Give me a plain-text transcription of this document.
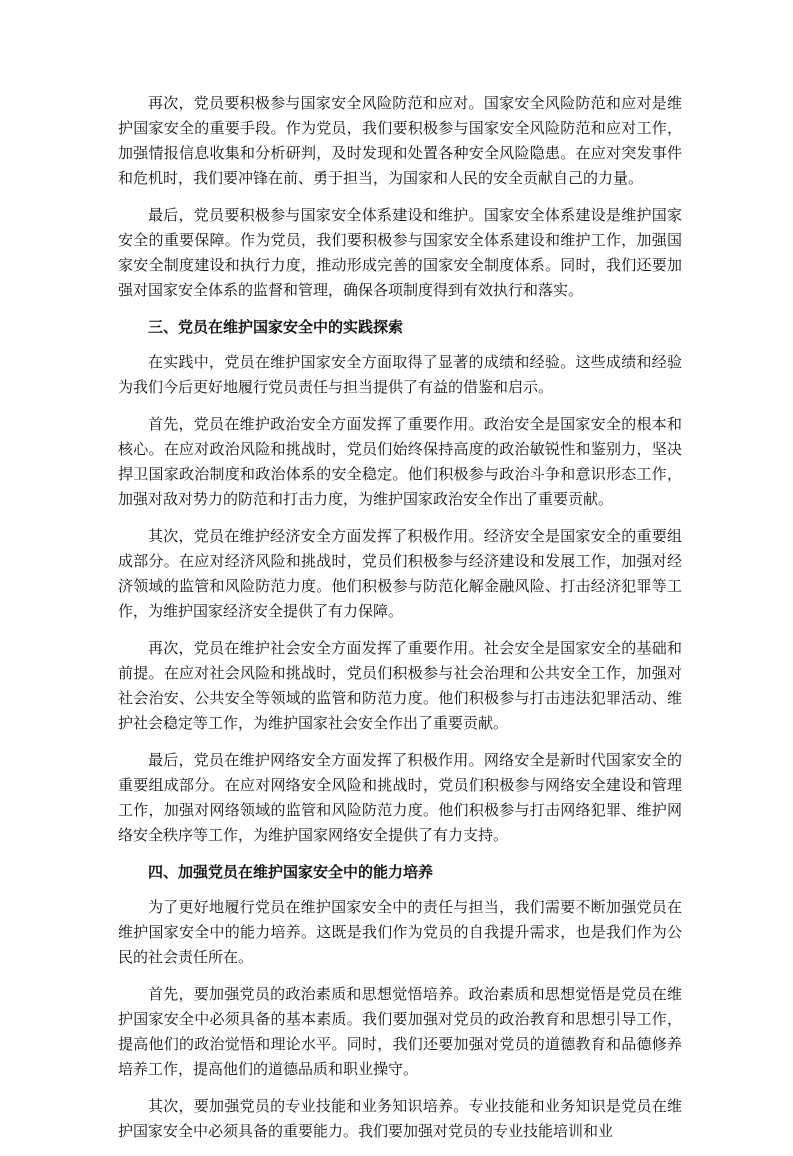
再次，党员要积极参与国家安全风险防范和应对。国家安全风险防范和应对是维护国家安全的重要手段。作为党员，我们要积极参与国家安全风险防范和应对工作，加强情报信息收集和分析研判，及时发现和处置各种安全风险隐患。在应对突发事件和危机时，我们要冲锋在前、勇于担当，为国家和人民的安全贡献自己的力量。

最后，党员要积极参与国家安全体系建设和维护。国家安全体系建设是维护国家安全的重要保障。作为党员，我们要积极参与国家安全体系建设和维护工作，加强国家安全制度建设和执行力度，推动形成完善的国家安全制度体系。同时，我们还要加强对国家安全体系的监督和管理，确保各项制度得到有效执行和落实。

三、党员在维护国家安全中的实践探索

在实践中，党员在维护国家安全方面取得了显著的成绩和经验。这些成绩和经验为我们今后更好地履行党员责任与担当提供了有益的借鉴和启示。

首先，党员在维护政治安全方面发挥了重要作用。政治安全是国家安全的根本和核心。在应对政治风险和挑战时，党员们始终保持高度的政治敏锐性和鉴别力，坚决捍卫国家政治制度和政治体系的安全稳定。他们积极参与政治斗争和意识形态工作，加强对敌对势力的防范和打击力度，为维护国家政治安全作出了重要贡献。

其次，党员在维护经济安全方面发挥了积极作用。经济安全是国家安全的重要组成部分。在应对经济风险和挑战时，党员们积极参与经济建设和发展工作，加强对经济领域的监管和风险防范力度。他们积极参与防范化解金融风险、打击经济犯罪等工作，为维护国家经济安全提供了有力保障。

再次，党员在维护社会安全方面发挥了重要作用。社会安全是国家安全的基础和前提。在应对社会风险和挑战时，党员们积极参与社会治理和公共安全工作，加强对社会治安、公共安全等领域的监管和防范力度。他们积极参与打击违法犯罪活动、维护社会稳定等工作，为维护国家社会安全作出了重要贡献。

最后，党员在维护网络安全方面发挥了积极作用。网络安全是新时代国家安全的重要组成部分。在应对网络安全风险和挑战时，党员们积极参与网络安全建设和管理工作，加强对网络领域的监管和风险防范力度。他们积极参与打击网络犯罪、维护网络安全秩序等工作，为维护国家网络安全提供了有力支持。

四、加强党员在维护国家安全中的能力培养

为了更好地履行党员在维护国家安全中的责任与担当，我们需要不断加强党员在维护国家安全中的能力培养。这既是我们作为党员的自我提升需求，也是我们作为公民的社会责任所在。

首先，要加强党员的政治素质和思想觉悟培养。政治素质和思想觉悟是党员在维护国家安全中必须具备的基本素质。我们要加强对党员的政治教育和思想引导工作，提高他们的政治觉悟和理论水平。同时，我们还要加强对党员的道德教育和品德修养培养工作，提高他们的道德品质和职业操守。

其次，要加强党员的专业技能和业务知识培养。专业技能和业务知识是党员在维护国家安全中必须具备的重要能力。我们要加强对党员的专业技能培训和业
